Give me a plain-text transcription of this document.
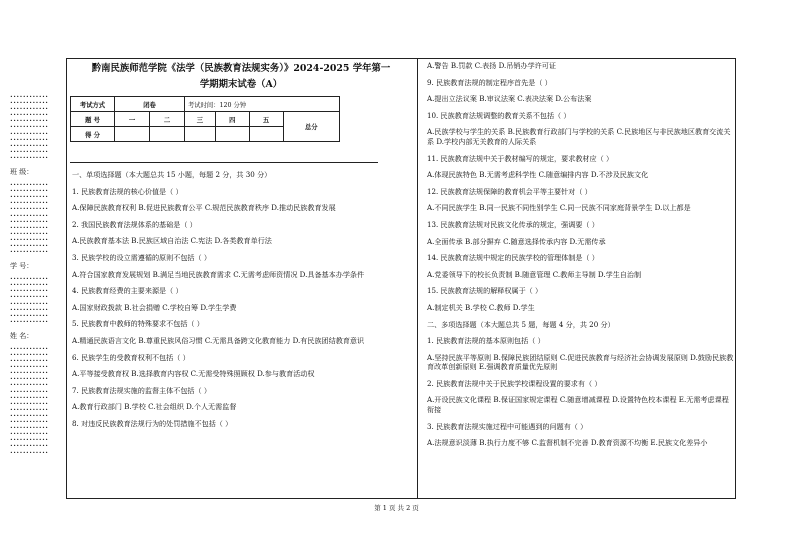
••••••••••••
••••••••••••
••••••••••••
••••••••••••
••••••••••••
••••••••••••
••••••••••••
••••••••••••
••••••••••••
••••••••••••
••••••••••••
班 级：
••••••••••••
••••••••••••
••••••••••••
••••••••••••
••••••••••••
••••••••••••
••••••••••••
••••••••••••
••••••••••••
••••••••••••
••••••••••••
••••••••••••
学 号：
••••••••••••
••••••••••••
••••••••••••
••••••••••••
••••••••••••
••••••••••••
••••••••••••
••••••••••••
姓 名：
••••••••••••
••••••••••••
••••••••••••
••••••••••••
••••••••••••
••••••••••••
••••••••••••
••••••••••••
••••••••••••
••••••••••••
••••••••••••
••••••••••••
••••••••••••
••••••••••••
••••••••••••
••••••••••••
••••••••••••
••••••••••••
黔南民族师范学院《法学（民族教育法规实务）》2024-2025 学年第一
学期期末试卷（A）
考试方式	闭卷		考试时间：120 分钟			
题 号	一	二	三	四	五	总分
得 分						

一、单项选择题（本大题总共 15 小题，每题 2 分，共 30 分）

1. 民族教育法规的核心价值是（ ）

A.保障民族教育权利 B.促进民族教育公平 C.规范民族教育秩序 D.推动民族教育发展

2. 我国民族教育法规体系的基础是（ ）

A.民族教育基本法 B.民族区域自治法 C.宪法 D.各类教育单行法

3. 民族学校的设立需遵循的原则不包括（ ）

A.符合国家教育发展规划 B.满足当地民族教育需求 C.无需考虑师资情况 D.具备基本办学条件

4. 民族教育经费的主要来源是（ ）

A.国家财政拨款 B.社会捐赠 C.学校自筹 D.学生学费

5. 民族教育中教师的特殊要求不包括（ ）

A.精通民族语言文化 B.尊重民族风俗习惯 C.无需具备跨文化教育能力 D.有民族团结教育意识

6. 民族学生的受教育权利不包括（ ）

A.平等接受教育权 B.选择教育内容权 C.无需受特殊照顾权 D.参与教育活动权

7. 民族教育法规实施的监督主体不包括（ ）

A.教育行政部门 B.学校 C.社会组织 D.个人无需监督

8. 对违反民族教育法规行为的处罚措施不包括（ ）

A.警告 B.罚款 C.表扬 D.吊销办学许可证

9. 民族教育法规的制定程序首先是（ ）

A.提出立法议案 B.审议法案 C.表决法案 D.公布法案

10. 民族教育法规调整的教育关系不包括（ ）

A.民族学校与学生的关系 B.民族教育行政部门与学校的关系 C.民族地区与非民族地区教育交流关系 D.学校内部无关教育的人际关系

11. 民族教育法规中关于教材编写的规定，要求教材应（ ）

A.体现民族特色 B.无需考虑科学性 C.随意编排内容 D.不涉及民族文化

12. 民族教育法规保障的教育机会平等主要针对（ ）

A.不同民族学生 B.同一民族不同性别学生 C.同一民族不同家庭背景学生 D.以上都是

13. 民族教育法规对民族文化传承的规定，强调要（ ）

A.全面传承 B.部分摒弃 C.随意选择传承内容 D.无需传承

14. 民族教育法规中规定的民族学校的管理体制是（ ）

A.党委领导下的校长负责制 B.随意管理 C.教师主导制 D.学生自治制

15. 民族教育法规的解释权属于（ ）

A.制定机关 B.学校 C.教师 D.学生

二、多项选择题（本大题总共 5 题，每题 4 分，共 20 分）

1. 民族教育法规的基本原则包括（ ）

A.坚持民族平等原则 B.保障民族团结原则 C.促进民族教育与经济社会协调发展原则 D.鼓励民族教育改革创新原则 E.强调教育质量优先原则

2. 民族教育法规中关于民族学校课程设置的要求有（ ）

A.开设民族文化课程 B.保证国家规定课程 C.随意增减课程 D.设置特色校本课程 E.无需考虑课程衔接

3. 民族教育法规实施过程中可能遇到的问题有（ ）

A.法规意识淡薄 B.执行力度不够 C.监督机制不完善 D.教育资源不均衡 E.民族文化差异小

第 1 页 共 2 页
